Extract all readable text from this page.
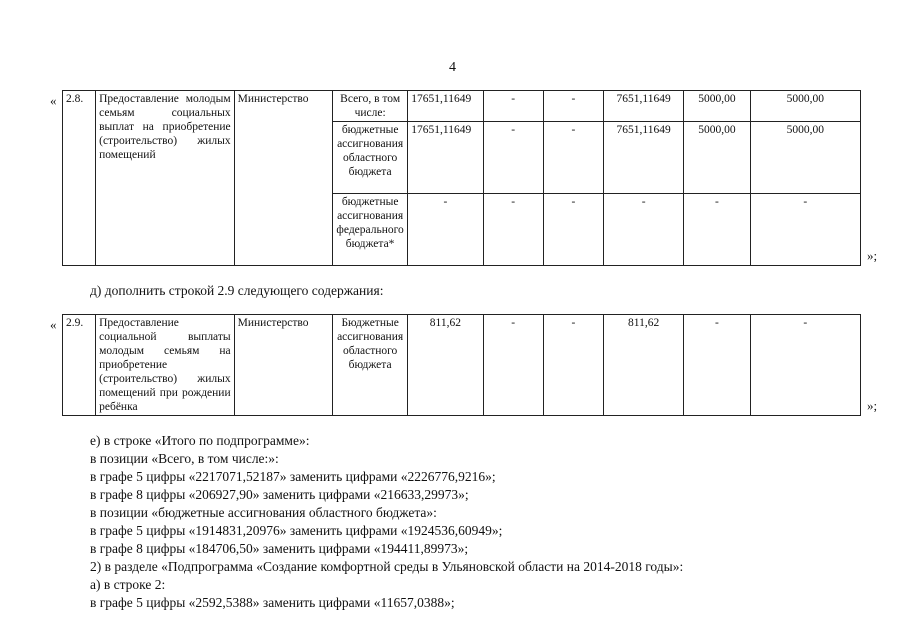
4
« 2.8.	Предоставление молодым семьям социальных выплат на приобретение (строительство) жилых помещений	Министерство	Всего, в том числе:	17651,11649	-	-	7651,11649	5000,00	5000,00
			бюджетные ассигнования областного бюджета	17651,11649	-	-	7651,11649	5000,00	5000,00
			бюджетные ассигнования федерального бюджета*	-	-	-	-	-	-
»;
д) дополнить строкой 2.9 следующего содержания:
« 2.9.	Предоставление социальной выплаты молодым семьям на приобретение (строительство) жилых помещений при рождении ребёнка	Министерство	Бюджетные ассигнования областного бюджета	811,62	-	-	811,62	-	-
»;
е) в строке «Итого по подпрограмме»:
в позиции «Всего, в том числе:»:
в графе 5 цифры «2217071,52187» заменить цифрами «2226776,9216»;
в графе 8 цифры «206927,90» заменить цифрами «216633,29973»;
в позиции «бюджетные ассигнования областного бюджета»:
в графе 5 цифры «1914831,20976» заменить цифрами «1924536,60949»;
в графе 8 цифры «184706,50» заменить цифрами «194411,89973»;
2) в разделе «Подпрограмма «Создание комфортной среды в Ульяновской области на 2014-2018 годы»:
а) в строке 2:
в графе 5 цифры «2592,5388» заменить цифрами «11657,0388»;
